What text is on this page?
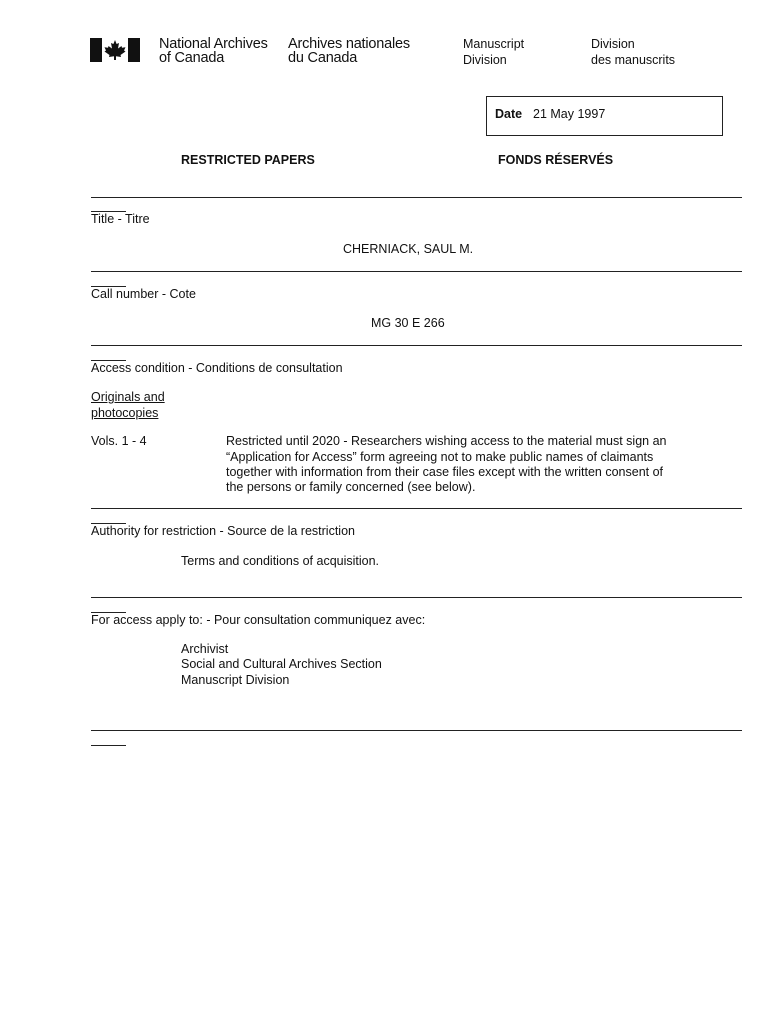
National Archives
of Canada
Archives nationales
du Canada
Manuscript
Division
Division
des manuscrits
Date 21 May 1997
RESTRICTED PAPERS	FONDS RÉSERVÉS
Title - Titre
CHERNIACK, SAUL M.
Call number - Cote
MG 30 E 266
Access condition - Conditions de consultation
Originals and
photocopies
Vols. 1 - 4	Restricted until 2020 - Researchers wishing access to the material must sign an
“Application for Access” form agreeing not to make public names of claimants
together with information from their case files except with the written consent of
the persons or family concerned (see below).
Authority for restriction - Source de la restriction
Terms and conditions of acquisition.
For access apply to: - Pour consultation communiquez avec:
Archivist
Social and Cultural Archives Section
Manuscript Division
